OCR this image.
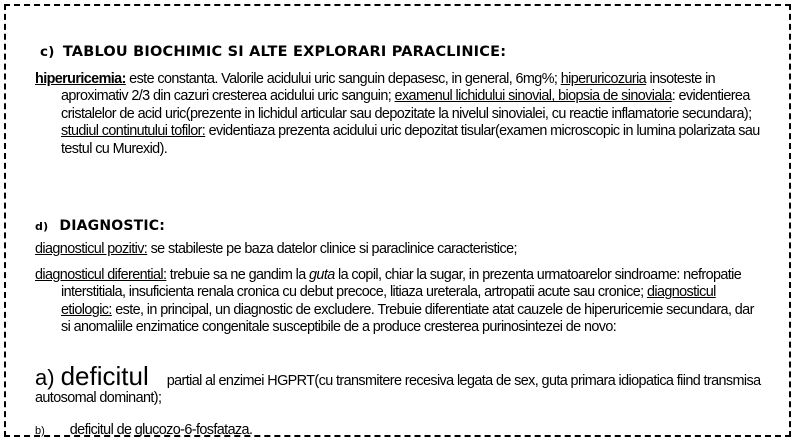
c) TABLOU BIOCHIMIC SI ALTE EXPLORARI PARACLINICE:

hiperuricemia: este constanta. Valorile acidului uric sanguin depasesc, in general, 6mg%; hiperuricozuria insoteste in aproximativ 2/3 din cazuri cresterea acidului uric sanguin; examenul lichidului sinovial, biopsia de sinoviala: evidentierea cristalelor de acid uric(prezente in lichidul articular sau depozitate la nivelul sinovialei, cu reactie inflamatorie secundara); studiul continutului tofilor: evidentiaza prezenta acidului uric depozitat tisular(examen microscopic in lumina polarizata sau testul cu Murexid).

d) DIAGNOSTIC:

diagnosticul pozitiv: se stabileste pe baza datelor clinice si paraclinice caracteristice;

diagnosticul diferential: trebuie sa ne gandim la guta la copil, chiar la sugar, in prezenta urmatoarelor sindroame: nefropatie interstitiala, insuficienta renala cronica cu debut precoce, litiaza ureterala, artropatii acute sau cronice; diagnosticul etiologic: este, in principal, un diagnostic de excludere. Trebuie diferentiate atat cauzele de hiperuricemie secundara, dar si anomaliile enzimatice congenitale susceptibile de a produce cresterea purinosintezei de novo:

a) deficitul partial al enzimei HGPRT(cu transmitere recesiva legata de sex, guta primara idiopatica fiind transmisa autosomal dominant);
b) deficitul de glucozo-6-fosfataza.
